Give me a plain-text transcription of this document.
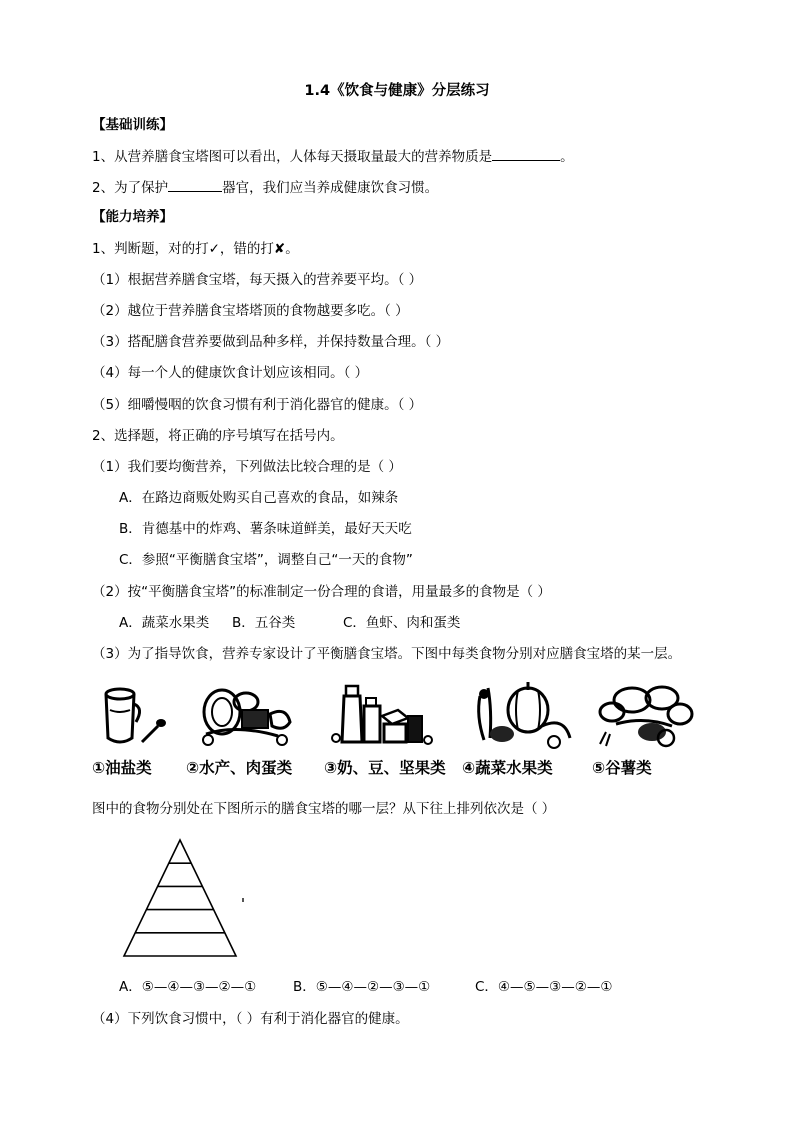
1.4《饮食与健康》分层练习
【基础训练】
1、从营养膳食宝塔图可以看出，人体每天摄取量最大的营养物质是	。
2、为了保护	器官，我们应当养成健康饮食习惯。
【能力培养】
1、判断题，对的打✓，错的打✘。
（1）根据营养膳食宝塔，每天摄入的营养要平均。（ ）
（2）越位于营养膳食宝塔塔顶的食物越要多吃。（ ）
（3）搭配膳食营养要做到品种多样，并保持数量合理。（ ）
（4）每一个人的健康饮食计划应该相同。（ ）
（5）细嚼慢咽的饮食习惯有利于消化器官的健康。（ ）
2、选择题，将正确的序号填写在括号内。
（1）我们要均衡营养，下列做法比较合理的是（ ）
A．在路边商贩处购买自己喜欢的食品，如辣条
B．肯德基中的炸鸡、薯条味道鲜美，最好天天吃
C．参照“平衡膳食宝塔”，调整自己“一天的食物”
（2）按“平衡膳食宝塔”的标准制定一份合理的食谱，用量最多的食物是（ ）
A．蔬菜水果类 B．五谷类	C．鱼虾、肉和蛋类
（3）为了指导饮食，营养专家设计了平衡膳食宝塔。下图中每类食物分别对应膳食宝塔的某一层。
①油盐类 ②水产、肉蛋类 ③奶、豆、坚果类 ④蔬菜水果类	⑤谷薯类
图中的食物分别处在下图所示的膳食宝塔的哪一层？从下往上排列依次是（ ）
A．⑤—④—③—②—①	B．⑤—④—②—③—①	C．④—⑤—③—②—①
（4）下列饮食习惯中，（ ）有利于消化器官的健康。
